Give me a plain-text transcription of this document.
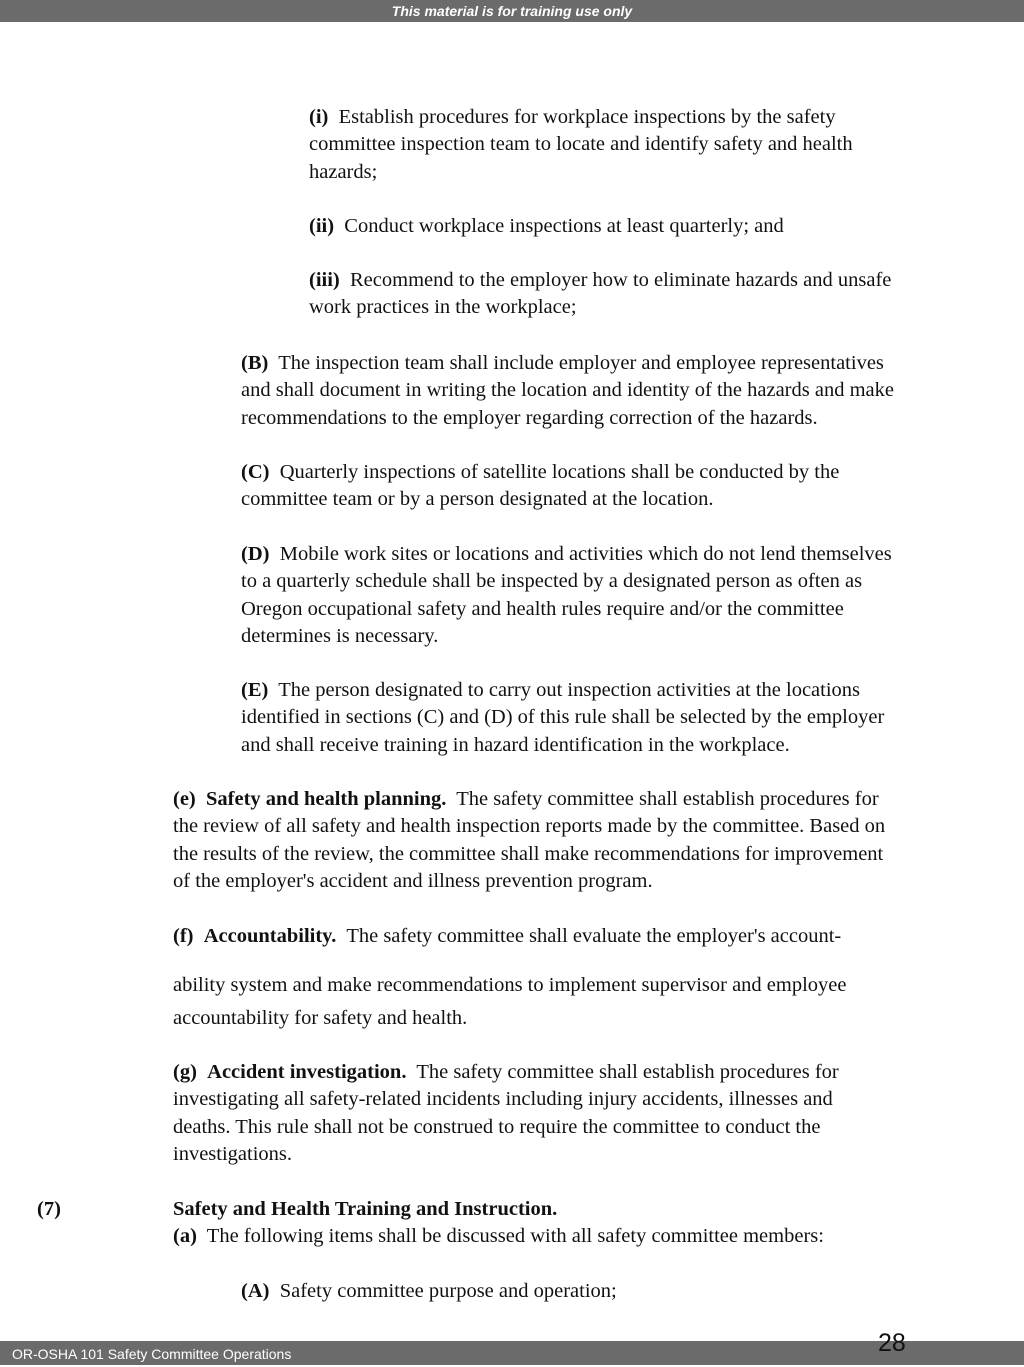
This material is for training use only
(i) Establish procedures for workplace inspections by the safety
committee inspection team to locate and identify safety and health
hazards;
(ii) Conduct workplace inspections at least quarterly; and
(iii) Recommend to the employer how to eliminate hazards and unsafe
work practices in the workplace;
(B) The inspection team shall include employer and employee representatives
and shall document in writing the location and identity of the hazards and make
recommendations to the employer regarding correction of the hazards.
(C) Quarterly inspections of satellite locations shall be conducted by the
committee team or by a person designated at the location.
(D) Mobile work sites or locations and activities which do not lend themselves
to a quarterly schedule shall be inspected by a designated person as often as
Oregon occupational safety and health rules require and/or the committee
determines is necessary.
(E) The person designated to carry out inspection activities at the locations
identified in sections (C) and (D) of this rule shall be selected by the employer
and shall receive training in hazard identification in the workplace.
(e) Safety and health planning. The safety committee shall establish procedures for
the review of all safety and health inspection reports made by the committee. Based on
the results of the review, the committee shall make recommendations for improvement
of the employer's accident and illness prevention program.
(f) Accountability. The safety committee shall evaluate the employer's account-
ability system and make recommendations to implement supervisor and employee
accountability for safety and health.
(g) Accident investigation. The safety committee shall establish procedures for
investigating all safety-related incidents including injury accidents, illnesses and
deaths. This rule shall not be construed to require the committee to conduct the
investigations.
(7)	Safety and Health Training and Instruction.
(a) The following items shall be discussed with all safety committee members:
(A) Safety committee purpose and operation;
OR-OSHA 101 Safety Committee Operations	28
